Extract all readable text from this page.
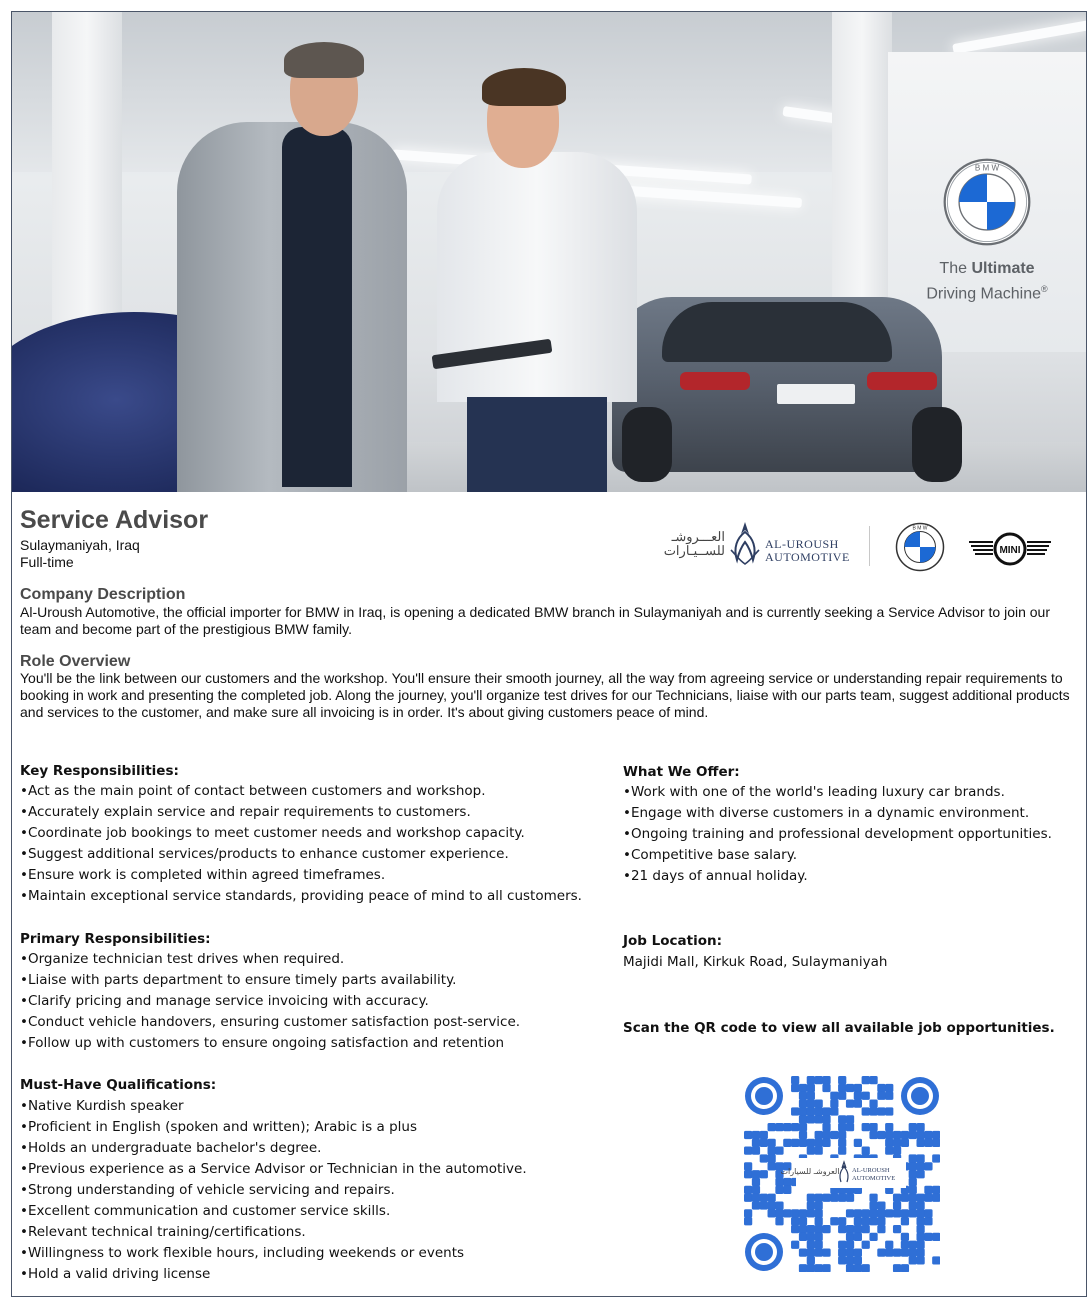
B M W
The Ultimate
Driving Machine®
Service Advisor
Sulaymaniyah, Iraq
Full-time
العـــروشـ
للســيـارات	AL-UROUSH
AUTOMOTIVE
B M W
MINI
Company Description
Al-Uroush Automotive, the official importer for BMW in Iraq, is opening a dedicated BMW branch in Sulaymaniyah and is currently seeking a Service Advisor to join our team and become part of the prestigious BMW family.
Role Overview
You'll be the link between our customers and the workshop. You'll ensure their smooth journey, all the way from agreeing service or understanding repair requirements to booking in work and presenting the completed job. Along the journey, you'll organize test drives for our Technicians, liaise with our parts team, suggest additional products and services to the customer, and make sure all invoicing is in order. It's about giving customers peace of mind.
Key Responsibilities:
•Act as the main point of contact between customers and workshop.
•Accurately explain service and repair requirements to customers.
•Coordinate job bookings to meet customer needs and workshop capacity.
•Suggest additional services/products to enhance customer experience.
•Ensure work is completed within agreed timeframes.
•Maintain exceptional service standards, providing peace of mind to all customers.
Primary Responsibilities:
•Organize technician test drives when required.
•Liaise with parts department to ensure timely parts availability.
•Clarify pricing and manage service invoicing with accuracy.
•Conduct vehicle handovers, ensuring customer satisfaction post-service.
•Follow up with customers to ensure ongoing satisfaction and retention
Must-Have Qualifications:
•Native Kurdish speaker
•Proficient in English (spoken and written); Arabic is a plus
•Holds an undergraduate bachelor's degree.
•Previous experience as a Service Advisor or Technician in the automotive.
•Strong understanding of vehicle servicing and repairs.
•Excellent communication and customer service skills.
•Relevant technical training/certifications.
•Willingness to work flexible hours, including weekends or events
•Hold a valid driving license
What We Offer:
•Work with one of the world's leading luxury car brands.
•Engage with diverse customers in a dynamic environment.
•Ongoing training and professional development opportunities.
•Competitive base salary.
•21 days of annual holiday.
Job Location:
Majidi Mall, Kirkuk Road, Sulaymaniyah
Scan the QR code to view all available job opportunities.
العروشـ للسيارات AL-UROUSH
AUTOMOTIVE
